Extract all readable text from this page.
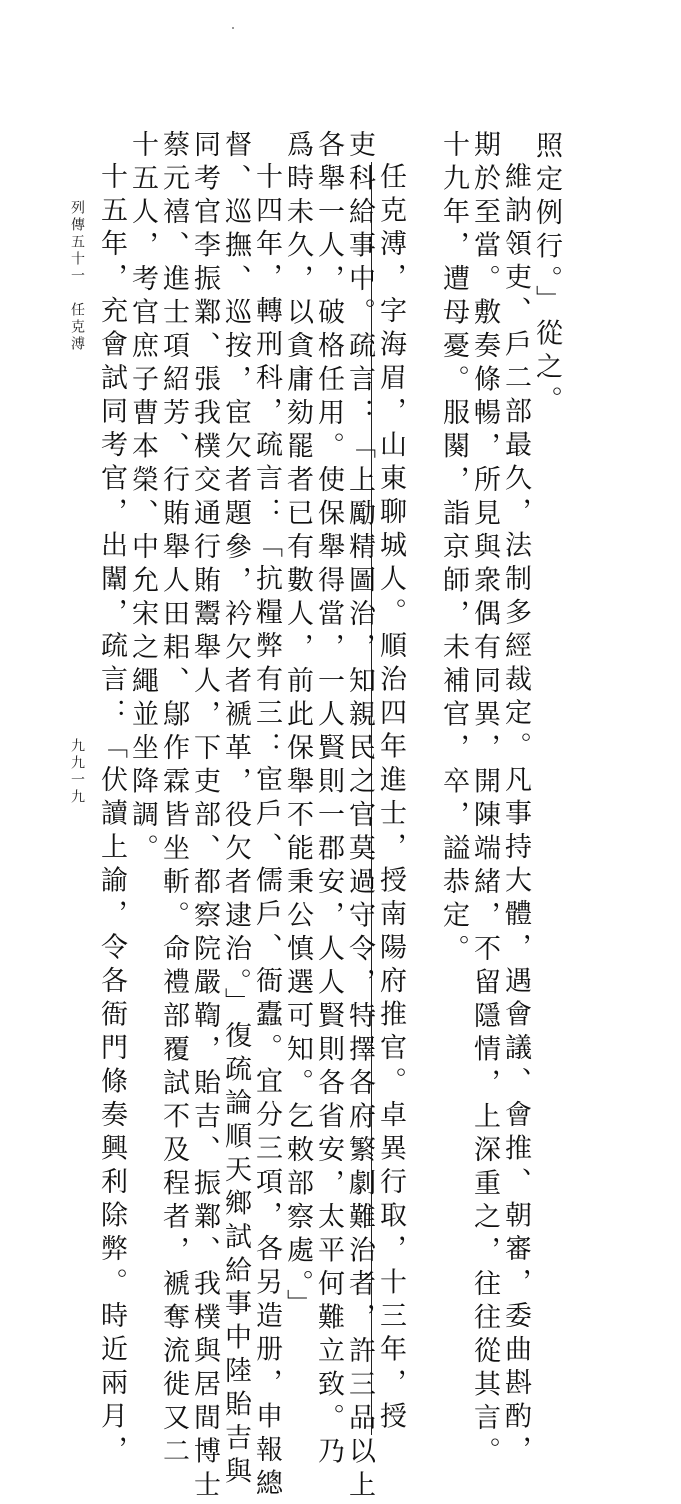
照定例行。」從之。
維訥領吏、戶二部最久，法制多經裁定。凡事持大體，遇會議、會推、朝審，委曲斟酌，
期於至當。敷奏條暢，所見與衆偶有同異，開陳端緒，不留隱情，上深重之，往往從其言。
十九年，遭母憂。服闋，詣京師，未補官，卒，謚恭定。
任克溥，字海眉，山東聊城人。順治四年進士，授南陽府推官。卓異行取，十三年，授
吏科給事中。疏言：「上勵精圖治，知親民之官莫過守令，特擇各府繁劇難治者，許三品以上
各舉一人，破格任用。使保舉得當，一人賢則一郡安，人人賢則各省安，太平何難立致。乃
爲時未久，以貪庸劾罷者已有數人，前此保舉不能秉公慎選可知。乞敕部察處。」
十四年，轉刑科，疏言：「抗糧弊有三：宦戶、儒戶、衙蠹。宜分三項，各另造册，申報總
督、巡撫、巡按，宦欠者題參，衿欠者褫革，役欠者逮治。」復疏論順天鄉試給事中陸貽吉與
同考官李振鄴、張我樸交通行賄鬻舉人，下吏部、都察院嚴鞫，貽吉、振鄴、我樸與居間博士
蔡元禧、進士項紹芳、行賄舉人田耜、鄔作霖皆坐斬。命禮部覆試不及程者，褫奪流徙又二
十五人，考官庶子曹本榮、中允宋之繩並坐降調。
十五年，充會試同考官，出闈，疏言：「伏讀上諭，令各衙門條奏興利除弊。時近兩月，
列傳五十一　任克溥
九九一九
